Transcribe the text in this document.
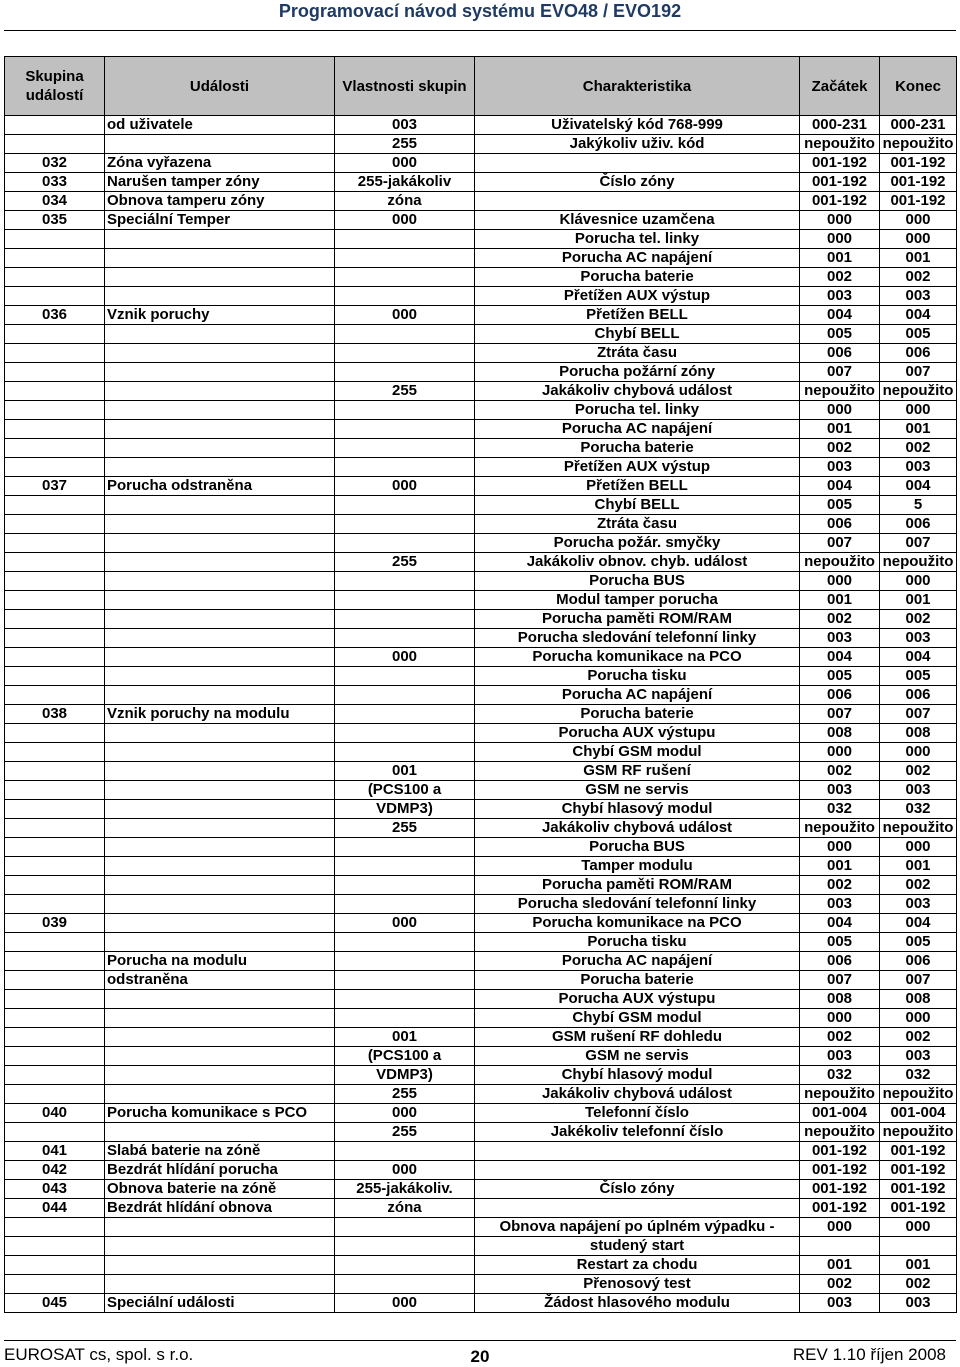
Programovací návod systému EVO48 / EVO192
Skupina událostí	Události	Vlastnosti skupin	Charakteristika	Začátek	Konec
	od uživatele	003	Uživatelský kód 768-999	000-231	000-231
		255	Jakýkoliv uživ. kód	nepoužito	nepoužito
032	Zóna vyřazena	000		001-192	001-192
033	Narušen tamper zóny	255-jakákoliv	Číslo zóny	001-192	001-192
034	Obnova tamperu zóny	zóna		001-192	001-192
035	Speciální Temper	000	Klávesnice uzamčena	000	000
			Porucha tel. linky	000	000
			Porucha AC napájení	001	001
			Porucha baterie	002	002
			Přetížen AUX výstup	003	003
036	Vznik poruchy	000	Přetížen BELL	004	004
			Chybí BELL	005	005
			Ztráta času	006	006
			Porucha požární zóny	007	007
		255	Jakákoliv chybová událost	nepoužito	nepoužito
			Porucha tel. linky	000	000
			Porucha AC napájení	001	001
			Porucha baterie	002	002
			Přetížen AUX výstup	003	003
037	Porucha odstraněna	000	Přetížen BELL	004	004
			Chybí BELL	005	5
			Ztráta času	006	006
			Porucha požár. smyčky	007	007
		255	Jakákoliv obnov. chyb. událost	nepoužito	nepoužito
			Porucha BUS	000	000
			Modul tamper porucha	001	001
			Porucha paměti ROM/RAM	002	002
			Porucha sledování telefonní linky	003	003
		000	Porucha komunikace na PCO	004	004
			Porucha tisku	005	005
			Porucha AC napájení	006	006
038	Vznik poruchy na modulu		Porucha baterie	007	007
			Porucha AUX výstupu	008	008
			Chybí GSM modul	000	000
		001	GSM RF rušení	002	002
		(PCS100 a	GSM ne servis	003	003
		VDMP3)	Chybí hlasový modul	032	032
		255	Jakákoliv chybová událost	nepoužito	nepoužito
			Porucha BUS	000	000
			Tamper modulu	001	001
			Porucha paměti ROM/RAM	002	002
			Porucha sledování telefonní linky	003	003
039		000	Porucha komunikace na PCO	004	004
			Porucha tisku	005	005
	Porucha na modulu		Porucha AC napájení	006	006
	odstraněna		Porucha baterie	007	007
			Porucha AUX výstupu	008	008
			Chybí GSM modul	000	000
		001	GSM rušení RF dohledu	002	002
		(PCS100 a	GSM ne servis	003	003
		VDMP3)	Chybí hlasový modul	032	032
		255	Jakákoliv chybová událost	nepoužito	nepoužito
040	Porucha komunikace s PCO	000	Telefonní číslo	001-004	001-004
		255	Jakékoliv telefonní číslo	nepoužito	nepoužito
041	Slabá baterie na zóně			001-192	001-192
042	Bezdrát hlídání porucha	000		001-192	001-192
043	Obnova baterie na zóně	255-jakákoliv.	Číslo zóny	001-192	001-192
044	Bezdrát hlídání obnova	zóna		001-192	001-192
			Obnova napájení po úplném výpadku -	000	000
			studený start		
			Restart za chodu	001	001
			Přenosový test	002	002
045	Speciální události	000	Žádost hlasového modulu	003	003
EUROSAT cs, spol. s r.o.	20	REV 1.10 říjen 2008
